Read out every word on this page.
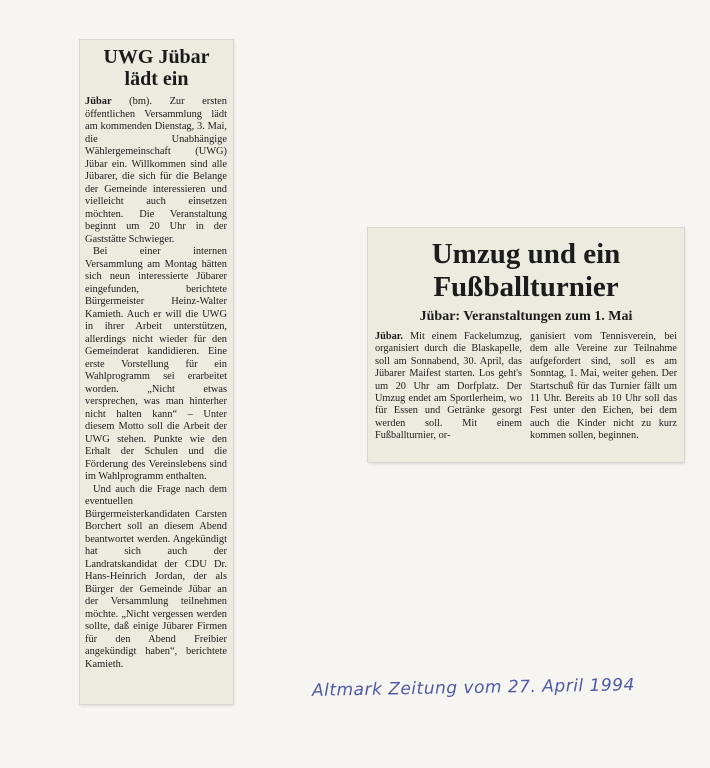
UWG Jübar
lädt ein

Jübar (bm). Zur ersten öffentlichen Versammlung lädt am kommenden Dienstag, 3. Mai, die Unabhängige Wählergemeinschaft (UWG) Jübar ein. Willkommen sind alle Jübarer, die sich für die Belange der Gemeinde interessieren und vielleicht auch einsetzen möchten. Die Veranstaltung beginnt um 20 Uhr in der Gaststätte Schwieger.

Bei einer internen Versammlung am Montag hätten sich neun interessierte Jübarer eingefunden, berichtete Bürgermeister Heinz-Walter Kamieth. Auch er will die UWG in ihrer Arbeit unterstützen, allerdings nicht wieder für den Gemeinderat kandidieren. Eine erste Vorstellung für ein Wahlprogramm sei erarbeitet worden. „Nicht etwas versprechen, was man hinterher nicht halten kann“ – Unter diesem Motto soll die Arbeit der UWG stehen. Punkte wie den Erhalt der Schulen und die Förderung des Vereinslebens sind im Wahlprogramm enthalten.

Und auch die Frage nach dem eventuellen Bürgermeisterkandidaten Carsten Borchert soll an diesem Abend beantwortet werden. Angekündigt hat sich auch der Landratskandidat der CDU Dr. Hans-Heinrich Jordan, der als Bürger der Gemeinde Jübar an der Versammlung teilnehmen möchte. „Nicht vergessen werden sollte, daß einige Jübarer Firmen für den Abend Freibier angekündigt haben“, berichtete Kamieth.

Umzug und ein
Fußballturnier
Jübar: Veranstaltungen zum 1. Mai

Jübar. Mit einem Fackelumzug, organisiert durch die Blaskapelle, soll am Sonnabend, 30. April, das Jübarer Maifest starten. Los geht's um 20 Uhr am Dorfplatz. Der Umzug endet am Sportlerheim, wo für Essen und Getränke gesorgt werden soll. Mit einem Fußballturnier, or-

ganisiert vom Tennisverein, bei dem alle Vereine zur Teilnahme aufgefordert sind, soll es am Sonntag, 1. Mai, weiter gehen. Der Startschuß für das Turnier fällt um 11 Uhr. Bereits ab 10 Uhr soll das Fest unter den Eichen, bei dem auch die Kinder nicht zu kurz kommen sollen, beginnen.

Altmark Zeitung vom 27. April 1994
